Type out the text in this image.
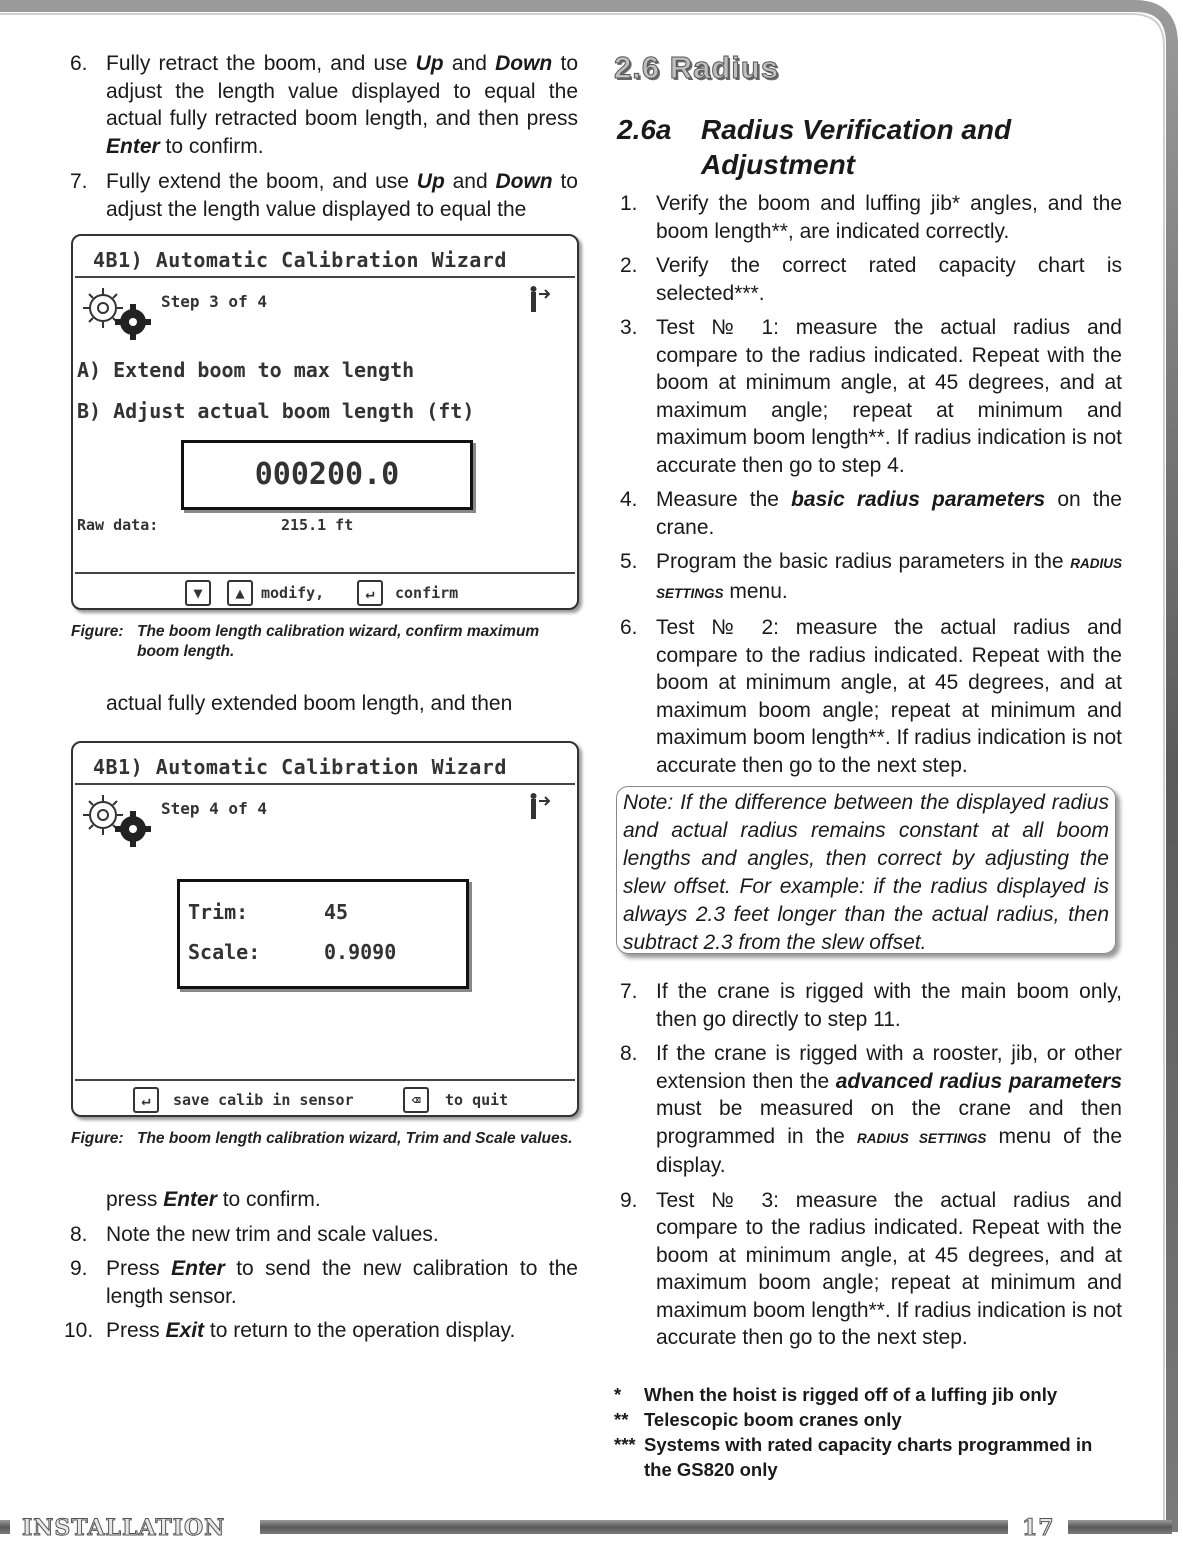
INSTALLATION	17
6. Fully retract the boom, and use Up and Down to adjust the length value displayed to equal the actual fully retracted boom length, and then press Enter to confirm.
7. Fully extend the boom, and use Up and Down to adjust the length value displayed to equal the
4B1) Automatic Calibration Wizard
Step 3 of 4
A) Extend boom to max length
B) Adjust actual boom length (ft)
000200.0
Raw data:	215.1 ft
▼	▲	modify,	↵	confirm
Figure: The boom length calibration wizard, confirm maximum boom length.
actual fully extended boom length, and then
4B1) Automatic Calibration Wizard
Step 4 of 4
Trim:	45
Scale:	0.9090
↵	save calib in sensor	⌫	to quit
Figure: The boom length calibration wizard, Trim and Scale values.
press Enter to confirm.
8. Note the new trim and scale values.
9. Press Enter to send the new calibration to the length sensor.
10. Press Exit to return to the operation display.
2.6 Radius
2.6a Radius Verification and Adjustment
1. Verify the boom and luffing jib* angles, and the boom length**, are indicated correctly.
2. Verify the correct rated capacity chart is selected***.
3. Test № 1: measure the actual radius and compare to the radius indicated. Repeat with the boom at minimum angle, at 45 degrees, and at maximum angle; repeat at minimum and maximum boom length**. If radius indication is not accurate then go to step 4.
4. Measure the basic radius parameters on the crane.
5. Program the basic radius parameters in the RADIUS SETTINGS menu.
6. Test № 2: measure the actual radius and compare to the radius indicated. Repeat with the boom at minimum angle, at 45 degrees, and at maximum boom angle; repeat at minimum and maximum boom length**. If radius indication is not accurate then go to the next step.
Note: If the difference between the displayed radius and actual radius remains constant at all boom lengths and angles, then correct by adjusting the slew offset. For example: if the radius displayed is always 2.3 feet longer than the actual radius, then subtract 2.3 from the slew offset.
7. If the crane is rigged with the main boom only, then go directly to step 11.
8. If the crane is rigged with a rooster, jib, or other extension then the advanced radius parameters must be measured on the crane and then programmed in the RADIUS SETTINGS menu of the display.
9. Test № 3: measure the actual radius and compare to the radius indicated. Repeat with the boom at minimum angle, at 45 degrees, and at maximum boom angle; repeat at minimum and maximum boom length**. If radius indication is not accurate then go to the next step.
* When the hoist is rigged off of a luffing jib only
** Telescopic boom cranes only
*** Systems with rated capacity charts programmed in the GS820 only
